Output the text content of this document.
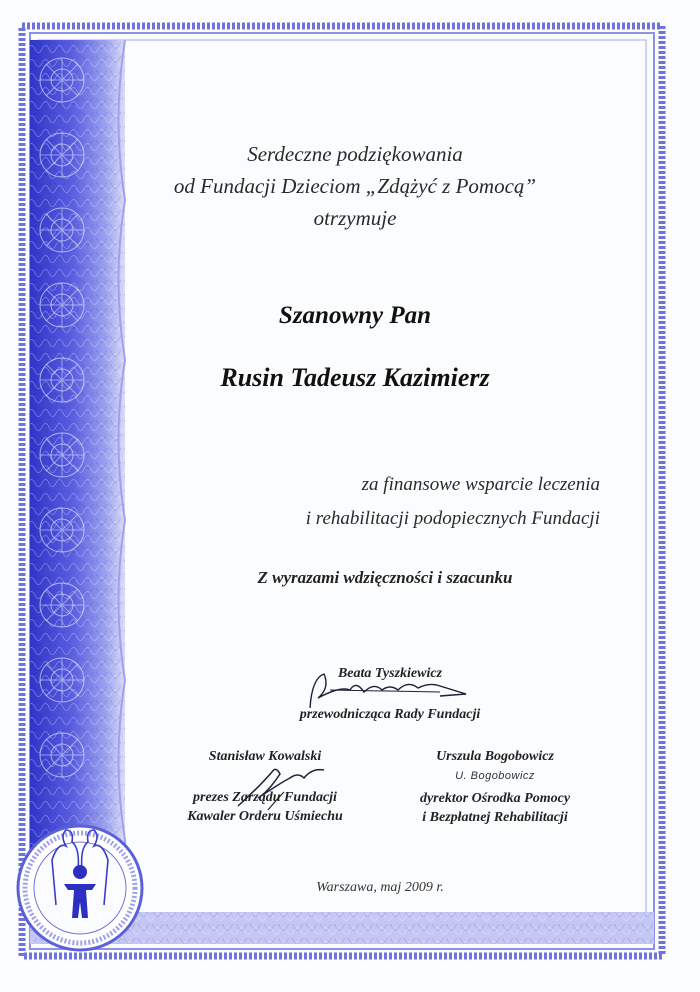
Serdeczne podziękowania
od Fundacji Dzieciom „Zdążyć z Pomocą”
otrzymuje
Szanowny Pan
Rusin Tadeusz Kazimierz
za finansowe wsparcie leczenia
i rehabilitacji podopiecznych Fundacji
Z wyrazami wdzięczności i szacunku
Beata Tyszkiewicz
przewodnicząca Rady Fundacji
Stanisław Kowalski
prezes Zarządu Fundacji
Kawaler Orderu Uśmiechu
Urszula Bogobowicz
U. Bogobowicz
dyrektor Ośrodka Pomocy
i Bezpłatnej Rehabilitacji
Warszawa, maj 2009 r.
